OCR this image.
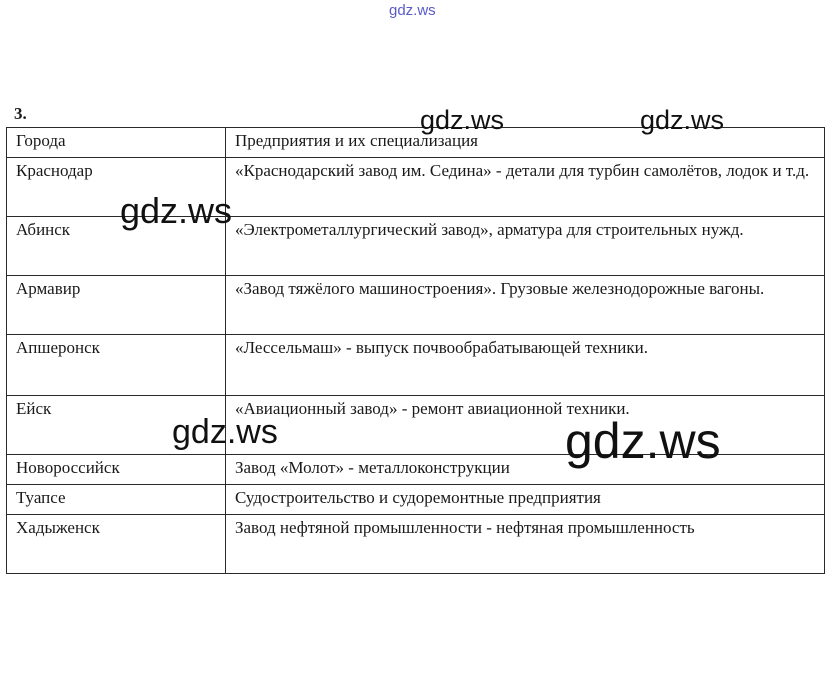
gdz.ws
3.
Города	Предприятия и их специализация
Краснодар	«Краснодарский завод им. Седина» - детали для турбин самолётов, лодок и т.д.
Абинск	«Электрометаллургический завод», арматура для строительных нужд.
Армавир	«Завод тяжёлого машиностроения». Грузовые железнодорожные вагоны.
Апшеронск	«Лессельмаш» - выпуск почвообрабатывающей техники.
Ейск	«Авиационный завод» - ремонт авиационной техники.
Новороссийск	Завод «Молот» - металлоконструкции
Туапсе	Судостроительство и судоремонтные предприятия
Хадыженск	Завод нефтяной промышленности - нефтяная промышленность
gdz.ws	gdz.ws
gdz.ws
gdz.ws	gdz.ws
